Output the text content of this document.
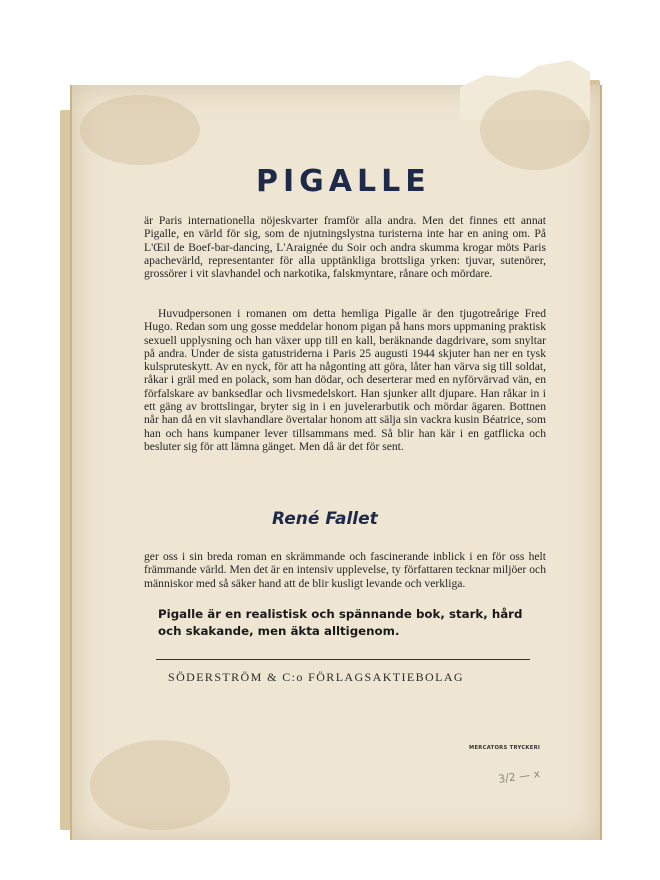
PIGALLE

är Paris internationella nöjeskvarter framför alla andra. Men det finnes ett annat Pigalle, en värld för sig, som de njutningslystna turisterna inte har en aning om. På L'Œil de Boef-bar-dancing, L'Araignée du Soir och andra skumma krogar möts Paris apachevärld, representanter för alla upptänkliga brottsliga yrken: tjuvar, sutenörer, grossörer i vit slavhandel och narkotika, falskmyntare, rånare och mördare.

Huvudpersonen i romanen om detta hemliga Pigalle är den tjugotreårige Fred Hugo. Redan som ung gosse meddelar honom pigan på hans mors uppmaning praktisk sexuell upplysning och han växer upp till en kall, beräknande dagdrivare, som snyltar på andra. Under de sista gatustriderna i Paris 25 augusti 1944 skjuter han ner en tysk kulspruteskytt. Av en nyck, för att ha någonting att göra, låter han värva sig till soldat, råkar i gräl med en polack, som han dödar, och deserterar med en nyförvärvad vän, en förfalskare av banksedlar och livsmedelskort. Han sjunker allt djupare. Han råkar in i ett gäng av brottslingar, bryter sig in i en juvelerarbutik och mördar ägaren. Bottnen når han då en vit slavhandlare övertalar honom att sälja sin vackra kusin Béatrice, som han och hans kumpaner lever tillsammans med. Så blir han kär i en gatflicka och besluter sig för att lämna gänget. Men då är det för sent.

René Fallet

ger oss i sin breda roman en skrämmande och fascinerande inblick i en för oss helt främmande värld. Men det är en intensiv upplevelse, ty författaren tecknar miljöer och människor med så säker hand att de blir kusligt levande och verkliga.

Pigalle är en realistisk och spännande bok, stark, hård och skakande, men äkta alltigenom.

SÖDERSTRÖM & C:o FÖRLAGSAKTIEBOLAG

MERCATORS TRYCKERI

3/2 — x
